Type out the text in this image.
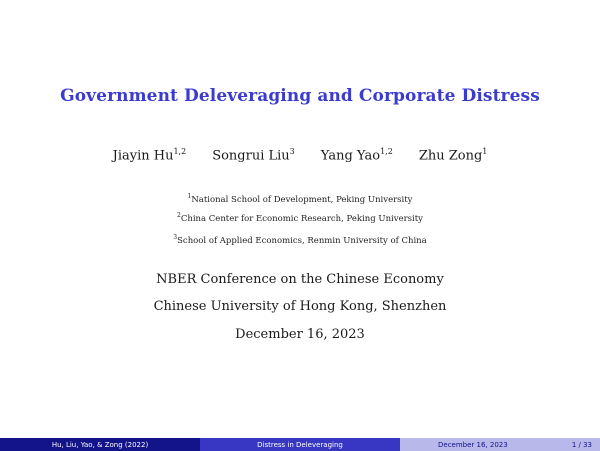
Government Deleveraging and Corporate Distress
Jiayin Hu$^{1,2}$ Songrui Liu$^3$ Yang Yao$^{1,2}$ Zhu Zong$^1$
$^1$National School of Development, Peking University
$^2$China Center for Economic Research, Peking University
$^3$School of Applied Economics, Renmin University of China
NBER Conference on the Chinese Economy
Chinese University of Hong Kong, Shenzhen
December 16, 2023
Hu, Liu, Yao, & Zong (2022)	Distress in Deleveraging	December 16, 2023	1 / 33
